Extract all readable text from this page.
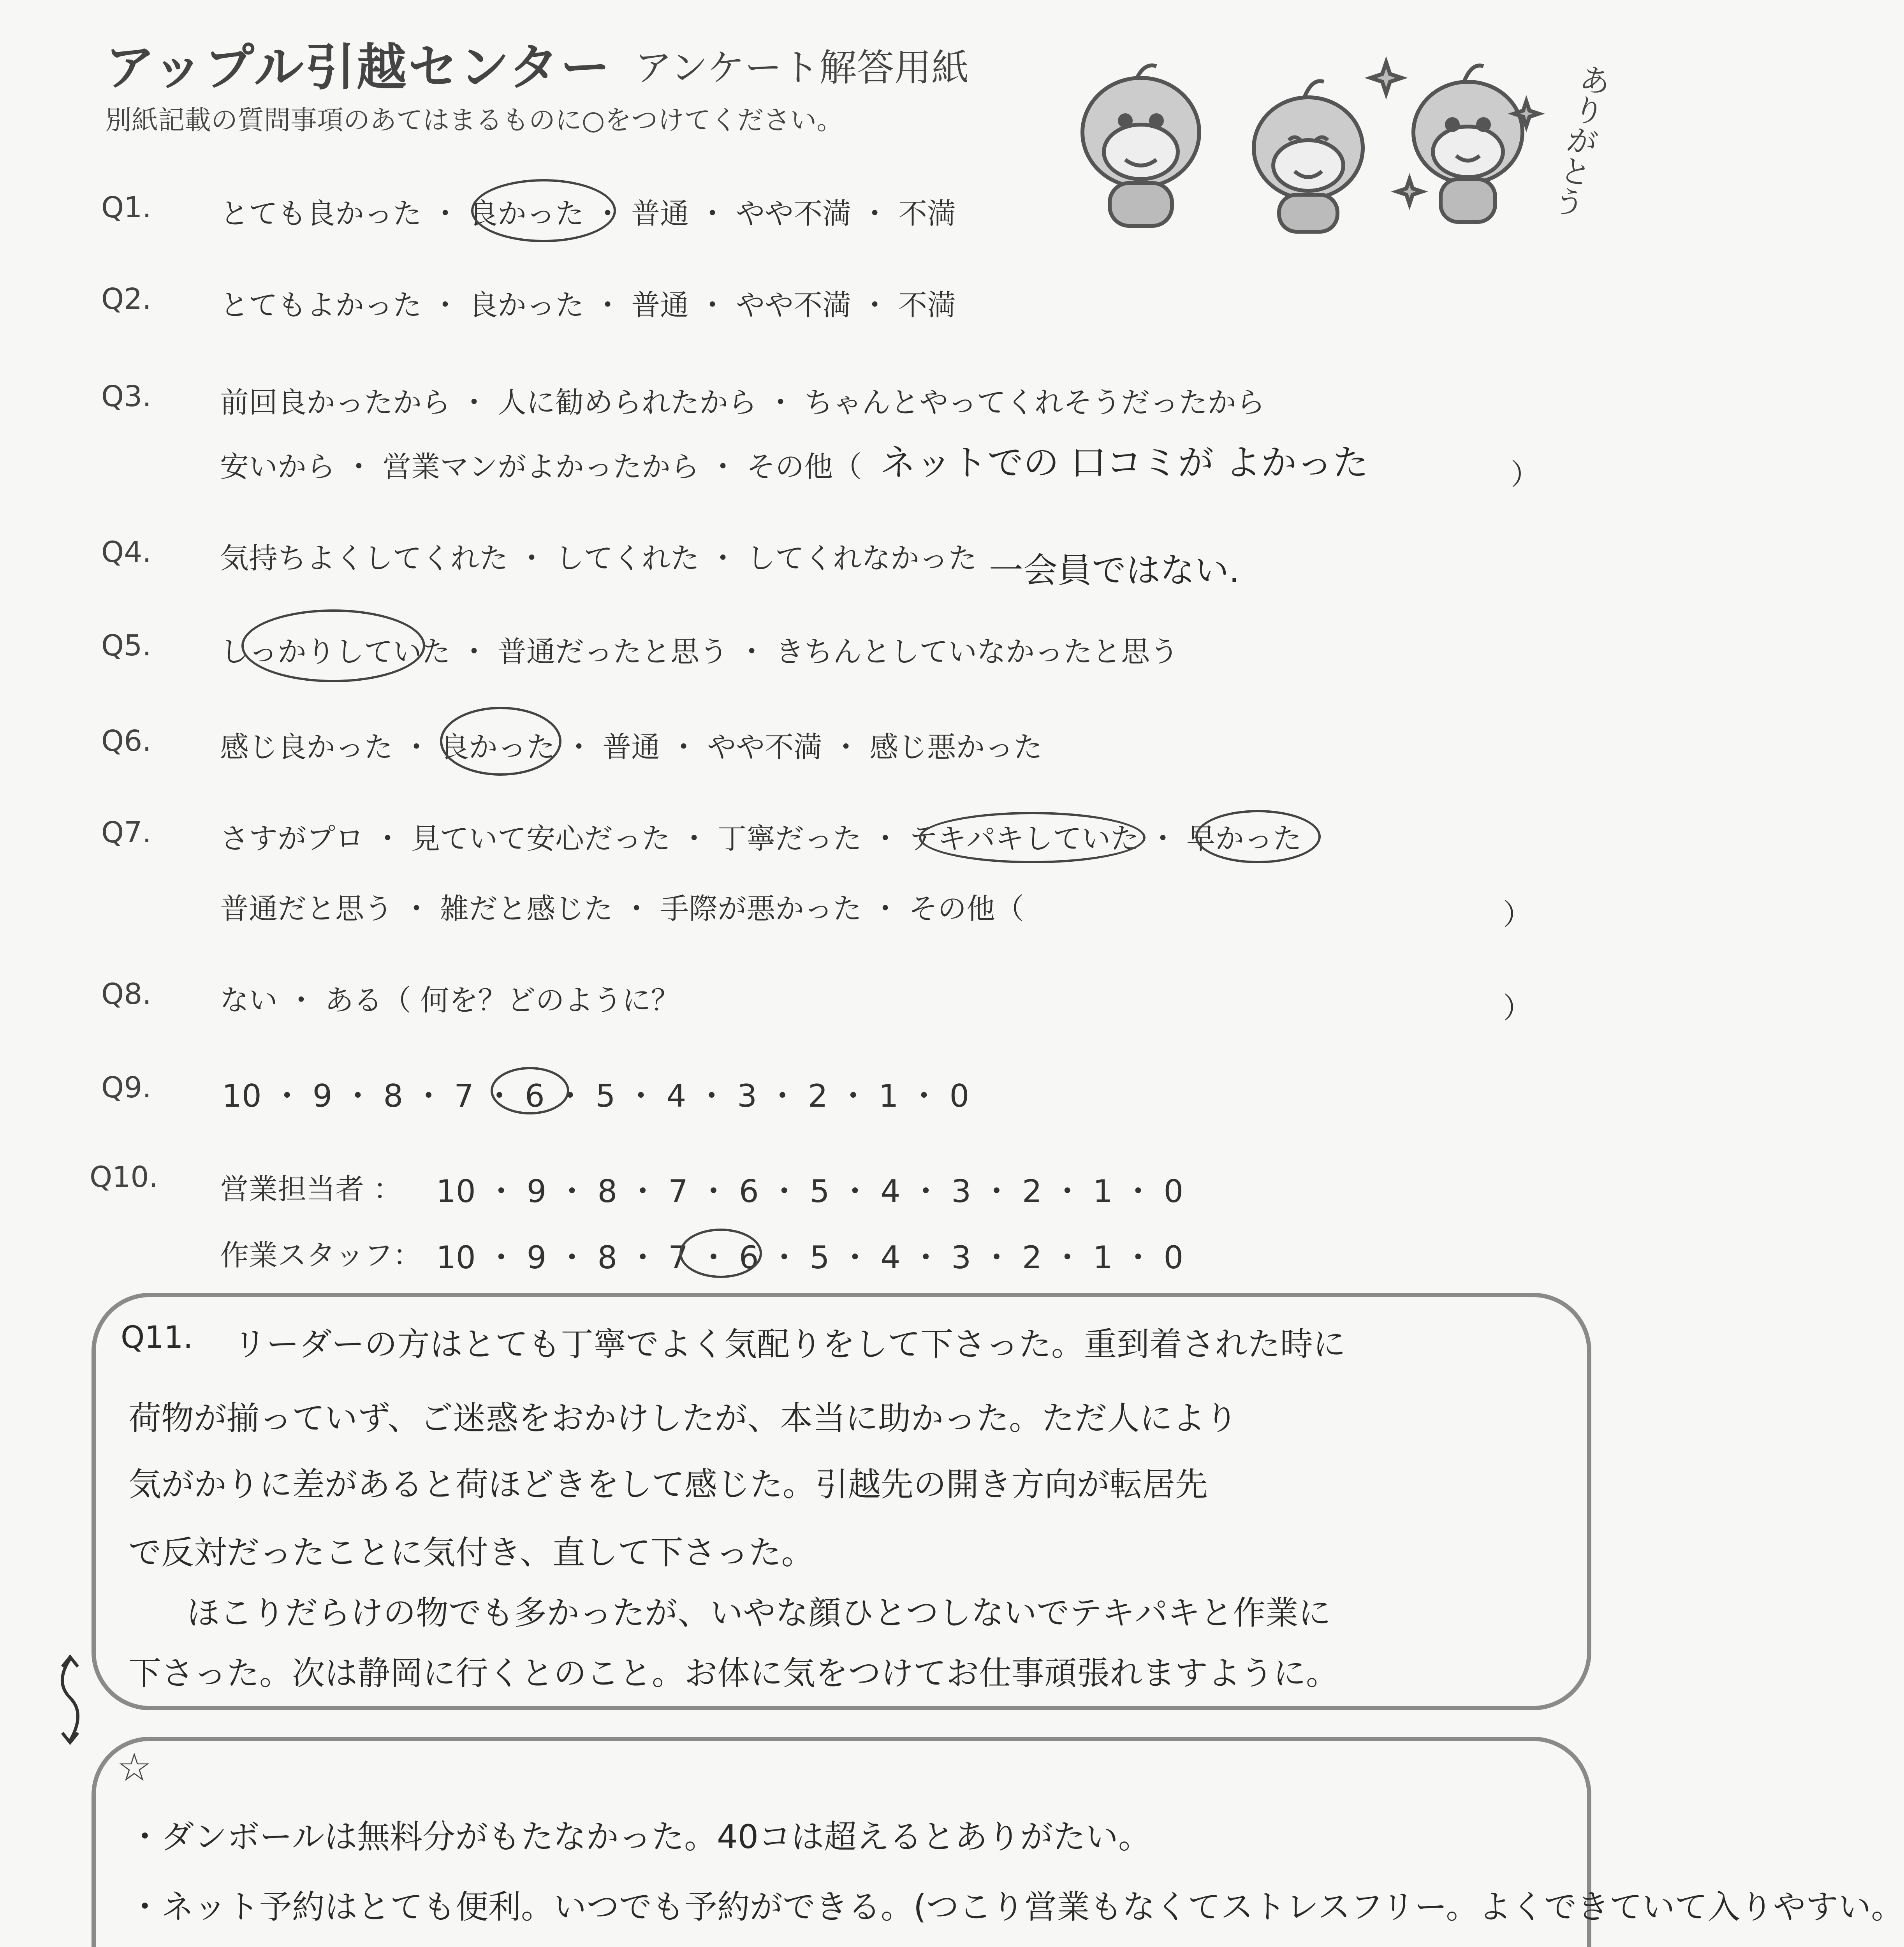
アップル引越センター アンケート解答用紙
別紙記載の質問事項のあてはまるものに○をつけてください。	ありがとう
Q1. とても良かった ・ 良かった ・ 普通 ・ やや不満 ・ 不満
Q2. とてもよかった ・ 良かった ・ 普通 ・ やや不満 ・ 不満
Q3. 前回良かったから ・ 人に勧められたから ・ ちゃんとやってくれそうだったから
安いから ・ 営業マンがよかったから ・ その他（ ネットでの 口コミが よかった	）
Q4. 気持ちよくしてくれた ・ してくれた ・ してくれなかった 一会員ではない.
Q5. しっかりしていた ・ 普通だったと思う ・ きちんとしていなかったと思う
Q6. 感じ良かった ・ 良かった ・ 普通 ・ やや不満 ・ 感じ悪かった
Q7. さすがプロ ・ 見ていて安心だった ・ 丁寧だった ・ テキパキしていた ・ 早かった
普通だと思う ・ 雑だと感じた ・ 手際が悪かった ・ その他（	）
Q8. ない ・ ある（ 何を？どのように？	）
Q9. 10 ・ 9 ・ 8 ・ 7 ・ 6 ・ 5 ・ 4 ・ 3 ・ 2 ・ 1 ・ 0
Q10. 営業担当者 ： 10 ・ 9 ・ 8 ・ 7 ・ 6 ・ 5 ・ 4 ・ 3 ・ 2 ・ 1 ・ 0
作業スタッフ： 10 ・ 9 ・ 8 ・ 7 ・ 6 ・ 5 ・ 4 ・ 3 ・ 2 ・ 1 ・ 0
Q11. リーダーの方はとても丁寧でよく気配りをして下さった。重到着された時に
荷物が揃っていず、ご迷惑をおかけしたが、本当に助かった。ただ人により
気がかりに差があると荷ほどきをして感じた。引越先の開き方向が転居先
で反対だったことに気付き、直して下さった。
ほこりだらけの物でも多かったが、いやな顔ひとつしないでテキパキと作業に
下さった。次は静岡に行くとのこと。お体に気をつけてお仕事頑張れますように。
☆
・ダンボールは無料分がもたなかった。40コは超えるとありがたい。
・ネット予約はとても便利。いつでも予約ができる。(つこり営業もなくてストレスフリー。よくできていて入りやすい。
